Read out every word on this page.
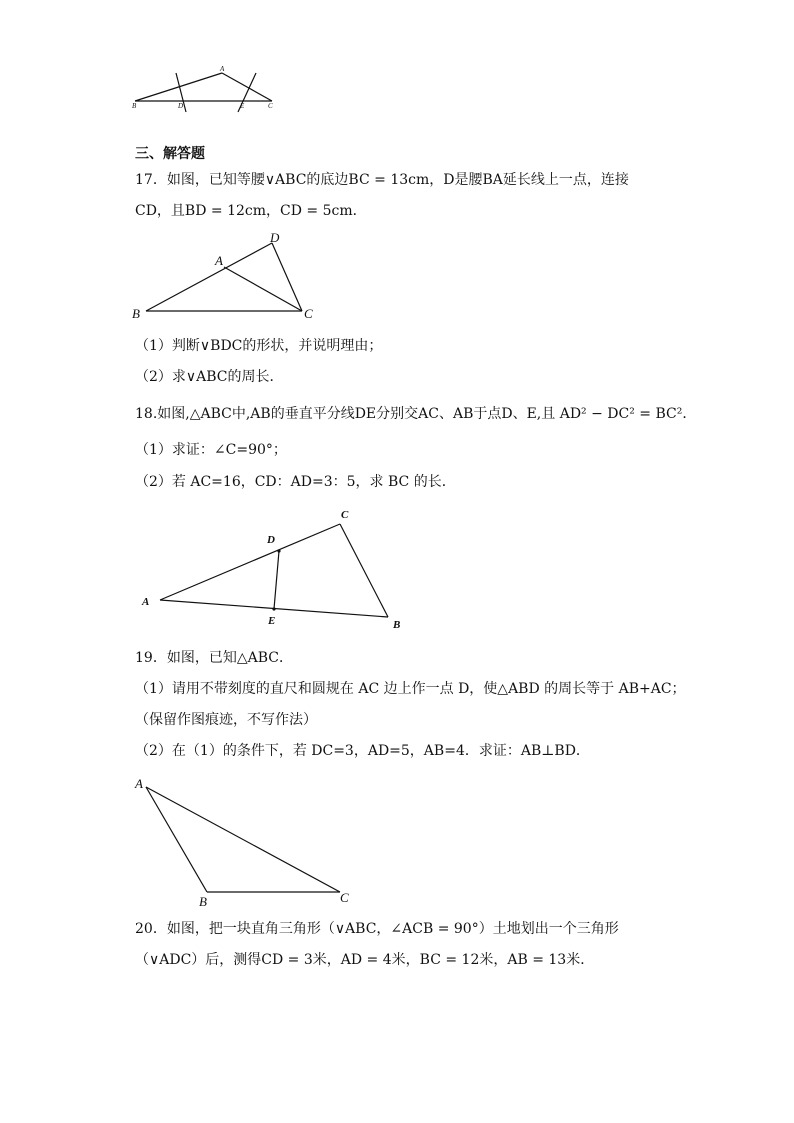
B	D
A
E	C
三、解答题
17．如图，已知等腰∨ABC的底边BC = 13cm，D是腰BA延长线上一点，连接
CD，且BD = 12cm，CD = 5cm．
D
A
B	C
（1）判断∨BDC的形状，并说明理由；
（2）求∨ABC的周长．
18.如图,△ABC中,AB的垂直平分线DE分别交AC、AB于点D、E,且 AD² − DC² = BC²．
（1）求证：∠C=90°；
（2）若 AC=16，CD：AD=3：5，求 BC 的长．
C
D
A
E	B
19．如图，已知△ABC．
（1）请用不带刻度的直尺和圆规在 AC 边上作一点 D，使△ABD 的周长等于 AB+AC；
（保留作图痕迹，不写作法）
（2）在（1）的条件下，若 DC=3，AD=5，AB=4．求证：AB⊥BD．
A
B	C
20．如图，把一块直角三角形（∨ABC，∠ACB = 90°）土地划出一个三角形
（∨ADC）后，测得CD = 3米，AD = 4米，BC = 12米，AB = 13米．
